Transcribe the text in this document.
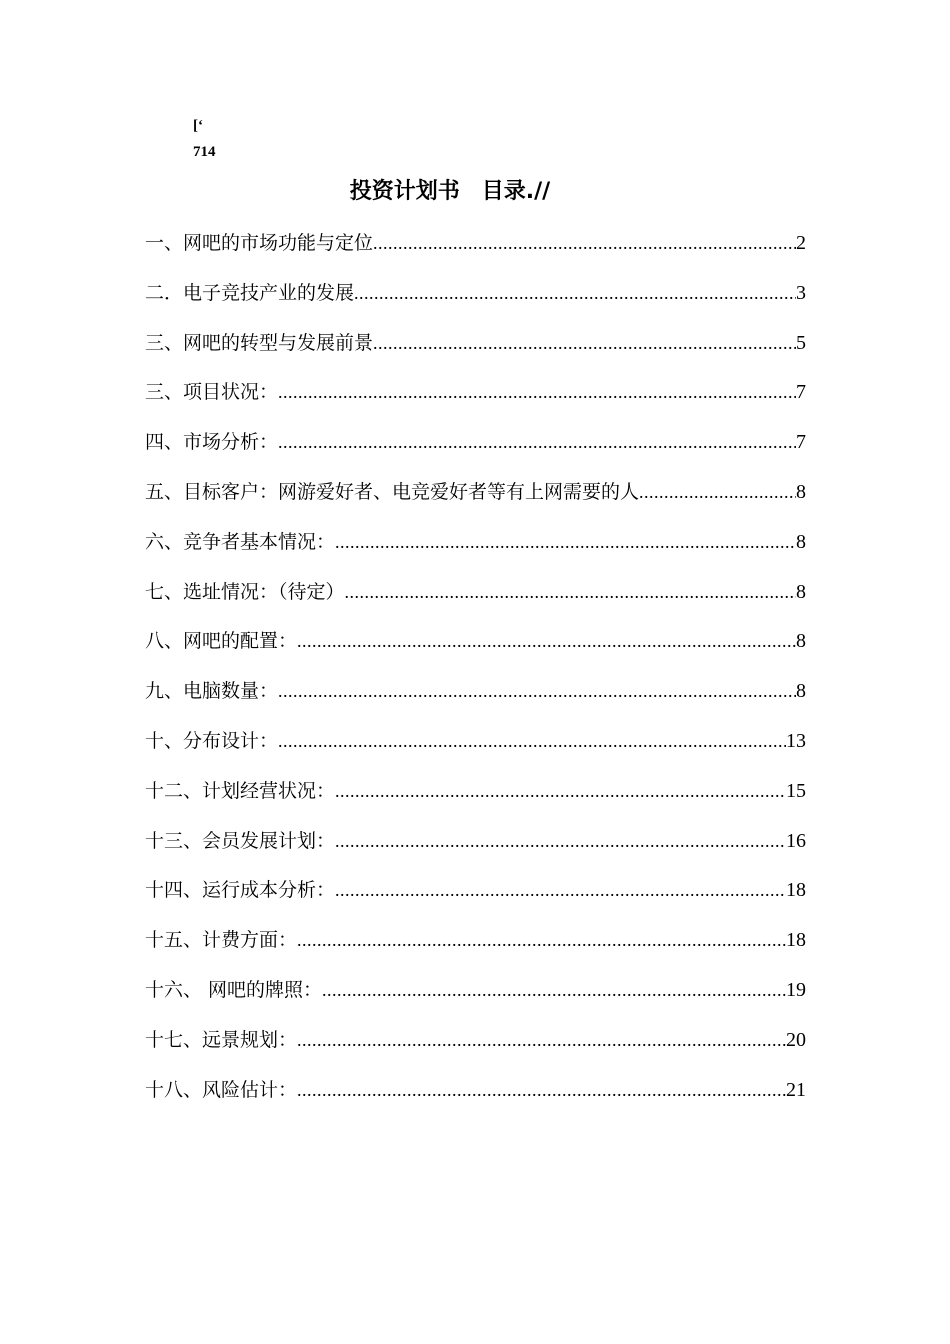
[‘
714
投资计划书 目录.//
一、网吧的市场功能与定位 .....	2
二．电子竞技产业的发展 .....	3
三、网吧的转型与发展前景 .....	5
三、项目状况： .....	7
四、市场分析： .....	7
五、目标客户：网游爱好者、电竞爱好者等有上网需要的人 .....	8
六、竞争者基本情况： .....	8
七、选址情况：（待定） .....	8
八、网吧的配置： .....	8
九、电脑数量： .....	8
十、分布设计： .....	13
十二、计划经营状况： .....	15
十三、会员发展计划： .....	16
十四、运行成本分析： .....	18
十五、计费方面： .....	18
十六、 网吧的牌照： .....	19
十七、远景规划： .....	20
十八、风险估计： .....	21
